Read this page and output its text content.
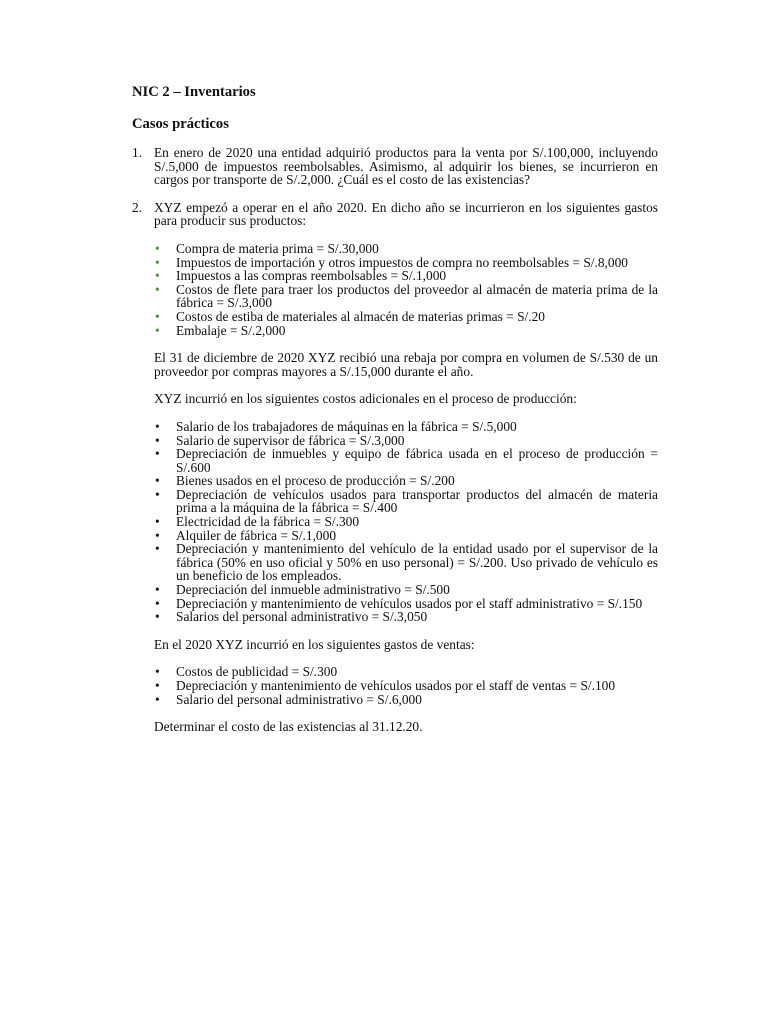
NIC 2 – Inventarios
Casos prácticos
1. En enero de 2020 una entidad adquirió productos para la venta por S/.100,000, incluyendo S/.5,000 de impuestos reembolsables. Asimismo, al adquirir los bienes, se incurrieron en cargos por transporte de S/.2,000. ¿Cuál es el costo de las existencias?
2. XYZ empezó a operar en el año 2020. En dicho año se incurrieron en los siguientes gastos para producir sus productos:
• Compra de materia prima = S/.30,000
• Impuestos de importación y otros impuestos de compra no reembolsables = S/.8,000
• Impuestos a las compras reembolsables = S/.1,000
• Costos de flete para traer los productos del proveedor al almacén de materia prima de la fábrica = S/.3,000
• Costos de estiba de materiales al almacén de materias primas = S/.20
• Embalaje = S/.2,000

El 31 de diciembre de 2020 XYZ recibió una rebaja por compra en volumen de S/.530 de un proveedor por compras mayores a S/.15,000 durante el año.

XYZ incurrió en los siguientes costos adicionales en el proceso de producción:

• Salario de los trabajadores de máquinas en la fábrica = S/.5,000
• Salario de supervisor de fábrica = S/.3,000
• Depreciación de inmuebles y equipo de fábrica usada en el proceso de producción = S/.600
• Bienes usados en el proceso de producción = S/.200
• Depreciación de vehículos usados para transportar productos del almacén de materia prima a la máquina de la fábrica = S/.400
• Electricidad de la fábrica = S/.300
• Alquiler de fábrica = S/.1,000
• Depreciación y mantenimiento del vehículo de la entidad usado por el supervisor de la fábrica (50% en uso oficial y 50% en uso personal) = S/.200. Uso privado de vehículo es un beneficio de los empleados.
• Depreciación del inmueble administrativo = S/.500
• Depreciación y mantenimiento de vehículos usados por el staff administrativo = S/.150
• Salarios del personal administrativo = S/.3,050

En el 2020 XYZ incurrió en los siguientes gastos de ventas:

• Costos de publicidad = S/.300
• Depreciación y mantenimiento de vehículos usados por el staff de ventas = S/.100
• Salario del personal administrativo = S/.6,000

Determinar el costo de las existencias al 31.12.20.
